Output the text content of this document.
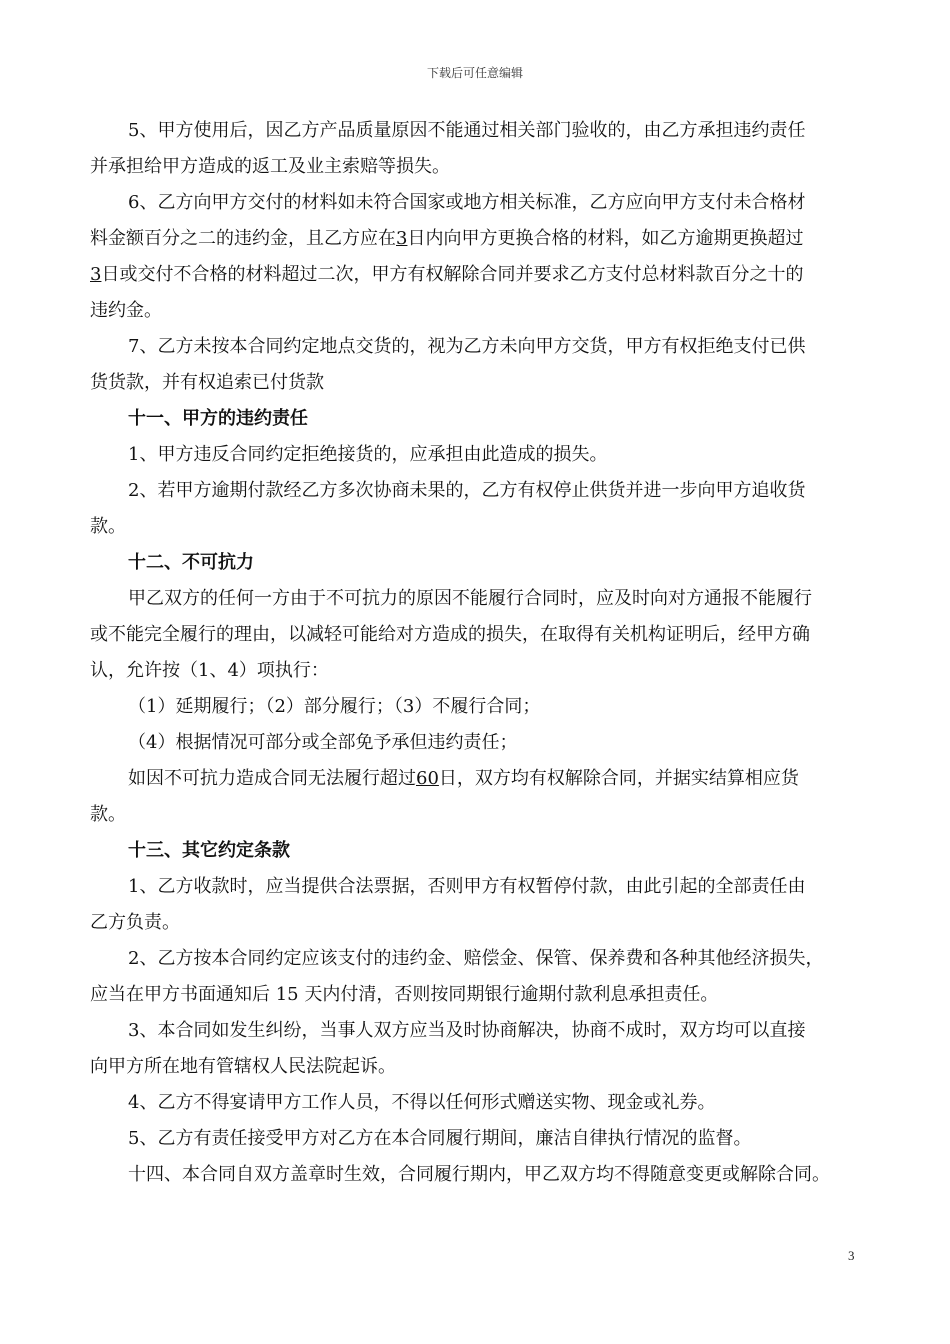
下载后可任意编辑
5、甲方使用后，因乙方产品质量原因不能通过相关部门验收的，由乙方承担违约责任
并承担给甲方造成的返工及业主索赔等损失。
6、乙方向甲方交付的材料如未符合国家或地方相关标准，乙方应向甲方支付未合格材
料金额百分之二的违约金，且乙方应在3日内向甲方更换合格的材料，如乙方逾期更换超过
3日或交付不合格的材料超过二次，甲方有权解除合同并要求乙方支付总材料款百分之十的
违约金。
7、乙方未按本合同约定地点交货的，视为乙方未向甲方交货，甲方有权拒绝支付已供
货货款，并有权追索已付货款
十一、甲方的违约责任
1、甲方违反合同约定拒绝接货的，应承担由此造成的损失。
2、若甲方逾期付款经乙方多次协商未果的，乙方有权停止供货并进一步向甲方追收货
款。
十二、不可抗力
甲乙双方的任何一方由于不可抗力的原因不能履行合同时，应及时向对方通报不能履行
或不能完全履行的理由，以减轻可能给对方造成的损失，在取得有关机构证明后，经甲方确
认，允许按（1、4）项执行：
（1）延期履行；（2）部分履行；（3）不履行合同；
（4）根据情况可部分或全部免予承但违约责任；
如因不可抗力造成合同无法履行超过60日，双方均有权解除合同，并据实结算相应货
款。
十三、其它约定条款
1、乙方收款时，应当提供合法票据，否则甲方有权暂停付款，由此引起的全部责任由
乙方负责。
2、乙方按本合同约定应该支付的违约金、赔偿金、保管、保养费和各种其他经济损失，
应当在甲方书面通知后 15 天内付清，否则按同期银行逾期付款利息承担责任。
3、本合同如发生纠纷，当事人双方应当及时协商解决，协商不成时，双方均可以直接
向甲方所在地有管辖权人民法院起诉。
4、乙方不得宴请甲方工作人员，不得以任何形式赠送实物、现金或礼券。
5、乙方有责任接受甲方对乙方在本合同履行期间，廉洁自律执行情况的监督。
十四、本合同自双方盖章时生效，合同履行期内，甲乙双方均不得随意变更或解除合同。
3
